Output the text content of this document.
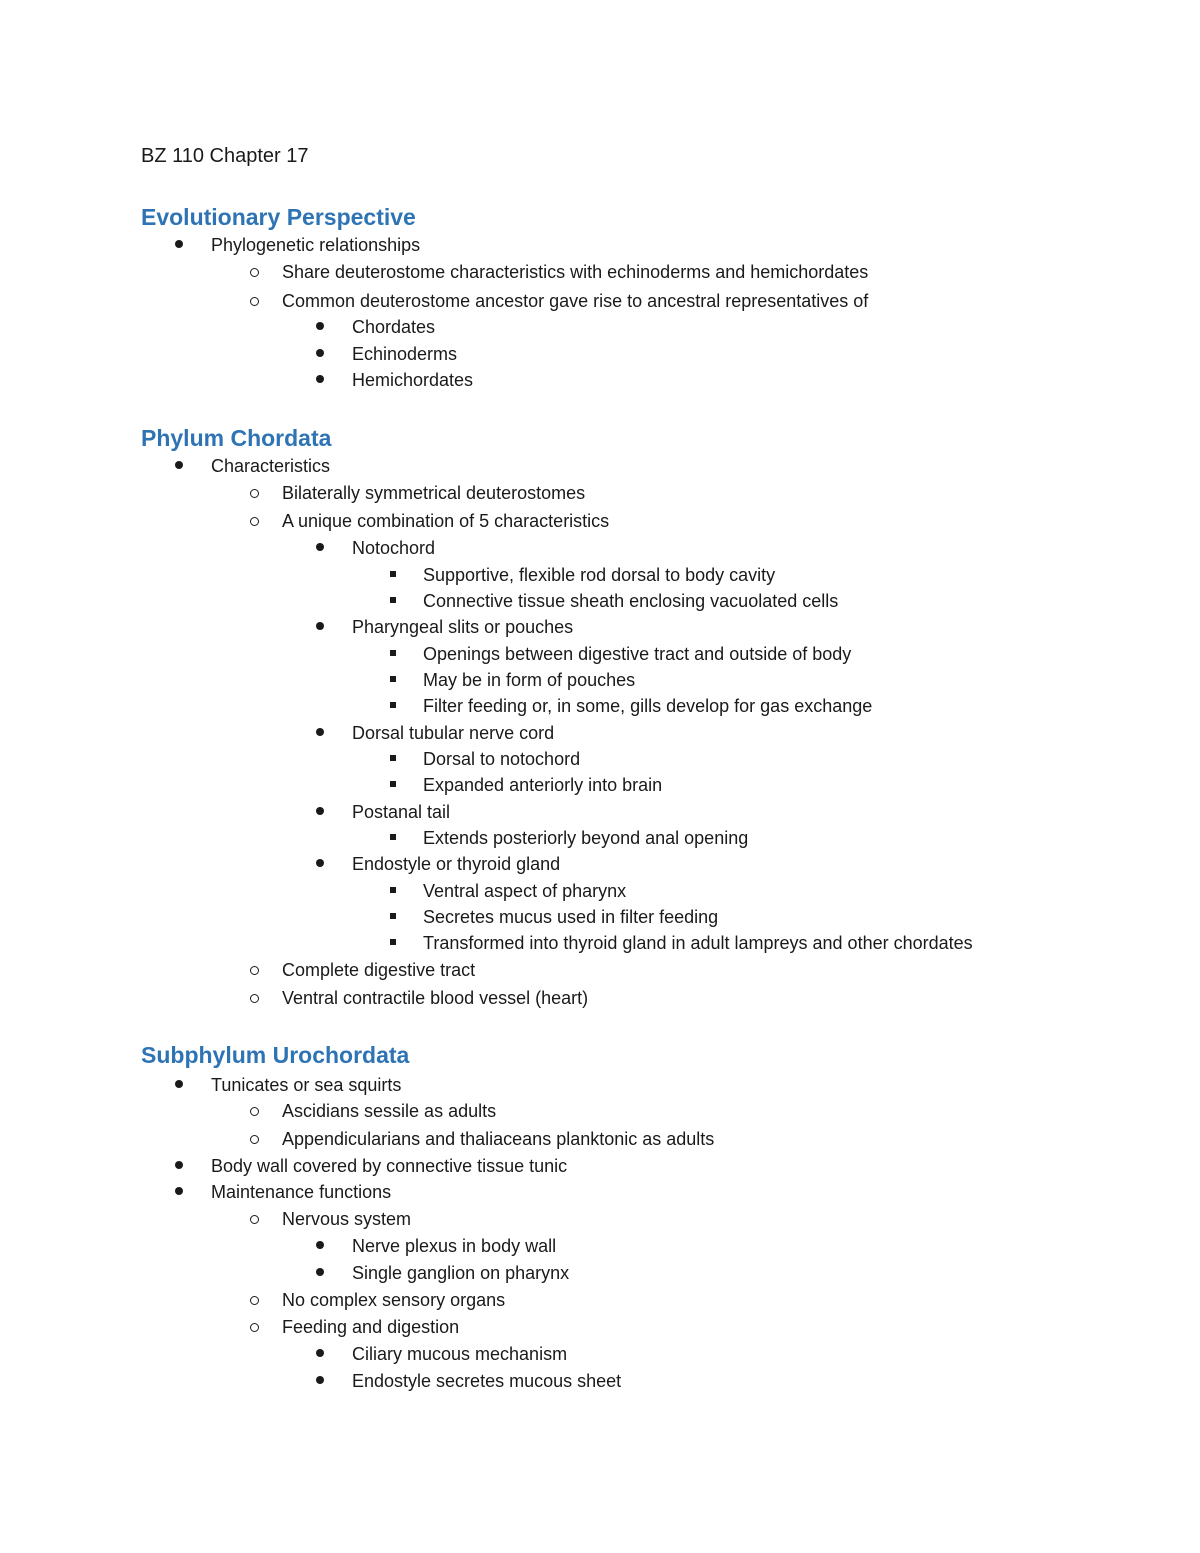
BZ 110 Chapter 17
Evolutionary Perspective
Phylum Chordata
Subphylum Urochordata
Phylogenetic relationships
Share deuterostome characteristics with echinoderms and hemichordates
Common deuterostome ancestor gave rise to ancestral representatives of
Chordates
Echinoderms
Hemichordates
Characteristics
Bilaterally symmetrical deuterostomes
A unique combination of 5 characteristics
Notochord
Supportive, flexible rod dorsal to body cavity
Connective tissue sheath enclosing vacuolated cells
Pharyngeal slits or pouches
Openings between digestive tract and outside of body
May be in form of pouches
Filter feeding or, in some, gills develop for gas exchange
Dorsal tubular nerve cord
Dorsal to notochord
Expanded anteriorly into brain
Postanal tail
Extends posteriorly beyond anal opening
Endostyle or thyroid gland
Ventral aspect of pharynx
Secretes mucus used in filter feeding
Transformed into thyroid gland in adult lampreys and other chordates
Complete digestive tract
Ventral contractile blood vessel (heart)
Tunicates or sea squirts
Ascidians sessile as adults
Appendicularians and thaliaceans planktonic as adults
Body wall covered by connective tissue tunic
Maintenance functions
Nervous system
Nerve plexus in body wall
Single ganglion on pharynx
No complex sensory organs
Feeding and digestion
Ciliary mucous mechanism
Endostyle secretes mucous sheet
